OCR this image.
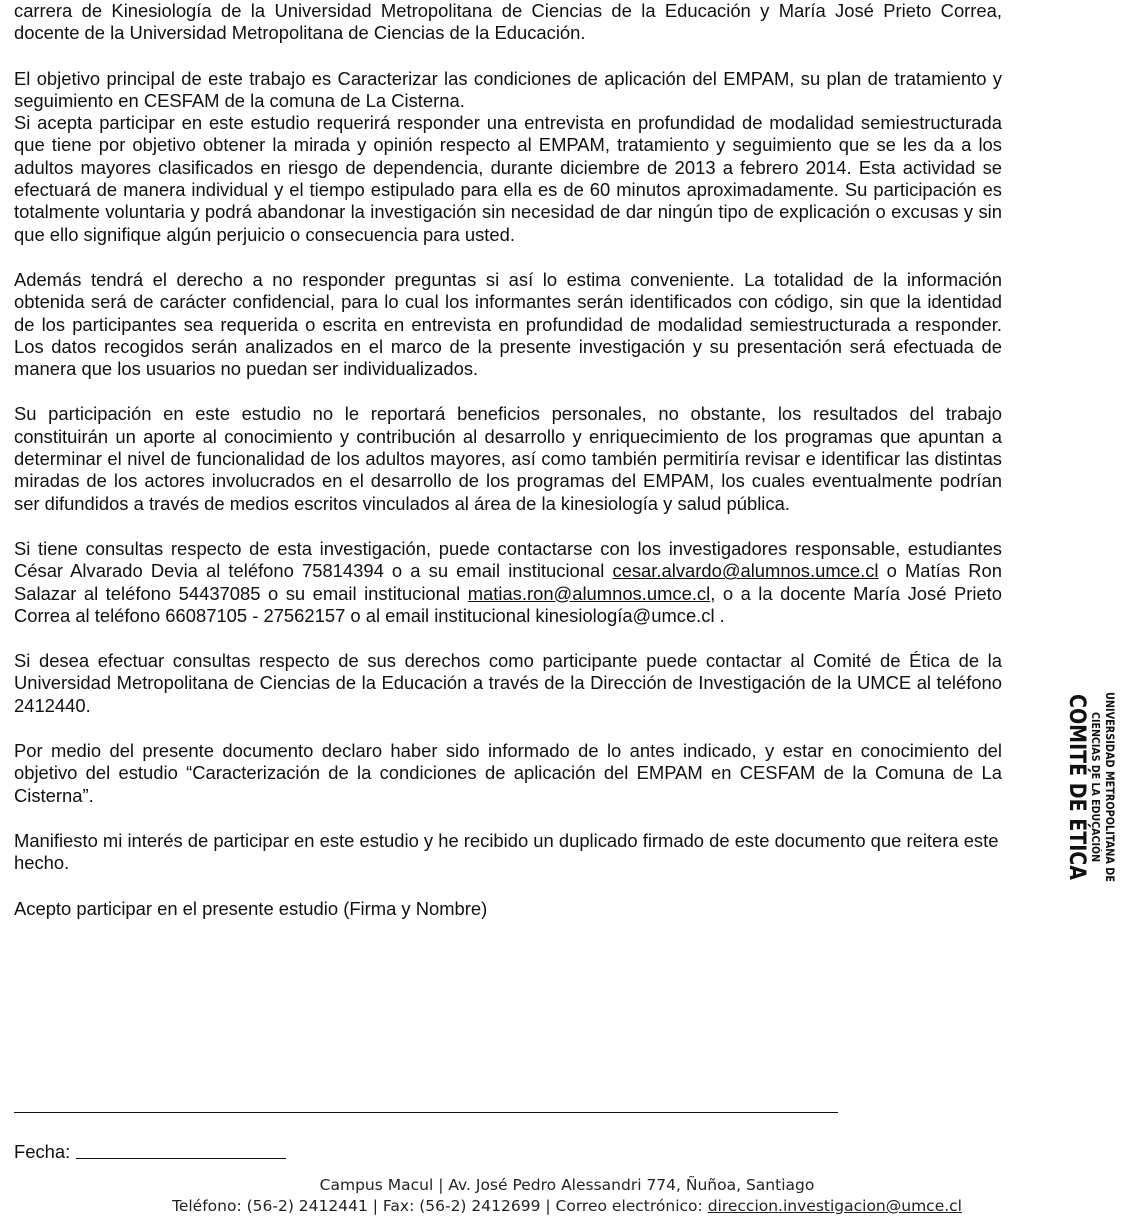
carrera de Kinesiología de la Universidad Metropolitana de Ciencias de la Educación y María José Prieto Correa, docente de la Universidad Metropolitana de Ciencias de la Educación.

El objetivo principal de este trabajo es Caracterizar las condiciones de aplicación del EMPAM, su plan de tratamiento y seguimiento en CESFAM de la comuna de La Cisterna.

Si acepta participar en este estudio requerirá responder una entrevista en profundidad de modalidad semiestructurada que tiene por objetivo obtener la mirada y opinión respecto al EMPAM, tratamiento y seguimiento que se les da a los adultos mayores clasificados en riesgo de dependencia, durante diciembre de 2013 a febrero 2014. Esta actividad se efectuará de manera individual y el tiempo estipulado para ella es de 60 minutos aproximadamente. Su participación es totalmente voluntaria y podrá abandonar la investigación sin necesidad de dar ningún tipo de explicación o excusas y sin que ello signifique algún perjuicio o consecuencia para usted.

Además tendrá el derecho a no responder preguntas si así lo estima conveniente. La totalidad de la información obtenida será de carácter confidencial, para lo cual los informantes serán identificados con código, sin que la identidad de los participantes sea requerida o escrita en entrevista en profundidad de modalidad semiestructurada a responder. Los datos recogidos serán analizados en el marco de la presente investigación y su presentación será efectuada de manera que los usuarios no puedan ser individualizados.

Su participación en este estudio no le reportará beneficios personales, no obstante, los resultados del trabajo constituirán un aporte al conocimiento y contribución al desarrollo y enriquecimiento de los programas que apuntan a determinar el nivel de funcionalidad de los adultos mayores, así como también permitiría revisar e identificar las distintas miradas de los actores involucrados en el desarrollo de los programas del EMPAM, los cuales eventualmente podrían ser difundidos a través de medios escritos vinculados al área de la kinesiología y salud pública.

Si tiene consultas respecto de esta investigación, puede contactarse con los investigadores responsable, estudiantes César Alvarado Devia al teléfono 75814394 o a su email institucional cesar.alvardo@alumnos.umce.cl o Matías Ron Salazar al teléfono 54437085 o su email institucional matias.ron@alumnos.umce.cl, o a la docente María José Prieto Correa al teléfono 66087105 - 27562157 o al email institucional kinesiología@umce.cl .

Si desea efectuar consultas respecto de sus derechos como participante puede contactar al Comité de Ética de la Universidad Metropolitana de Ciencias de la Educación a través de la Dirección de Investigación de la UMCE al teléfono 2412440.

Por medio del presente documento declaro haber sido informado de lo antes indicado, y estar en conocimiento del objetivo del estudio “Caracterización de la condiciones de aplicación del EMPAM en CESFAM de la Comuna de La Cisterna”.

Manifiesto mi interés de participar en este estudio y he recibido un duplicado firmado de este documento que reitera este hecho.

Acepto participar en el presente estudio (Firma y Nombre)

Fecha:
Campus Macul | Av. José Pedro Alessandri 774, Ñuñoa, Santiago
Teléfono: (56-2) 2412441 | Fax: (56-2) 2412699 | Correo electrónico: direccion.investigacion@umce.cl
UNIVERSIDAD METROPOLITANA DE
CIENCIAS DE LA EDUCACIÓN
COMITÉ DE ÉTICA
